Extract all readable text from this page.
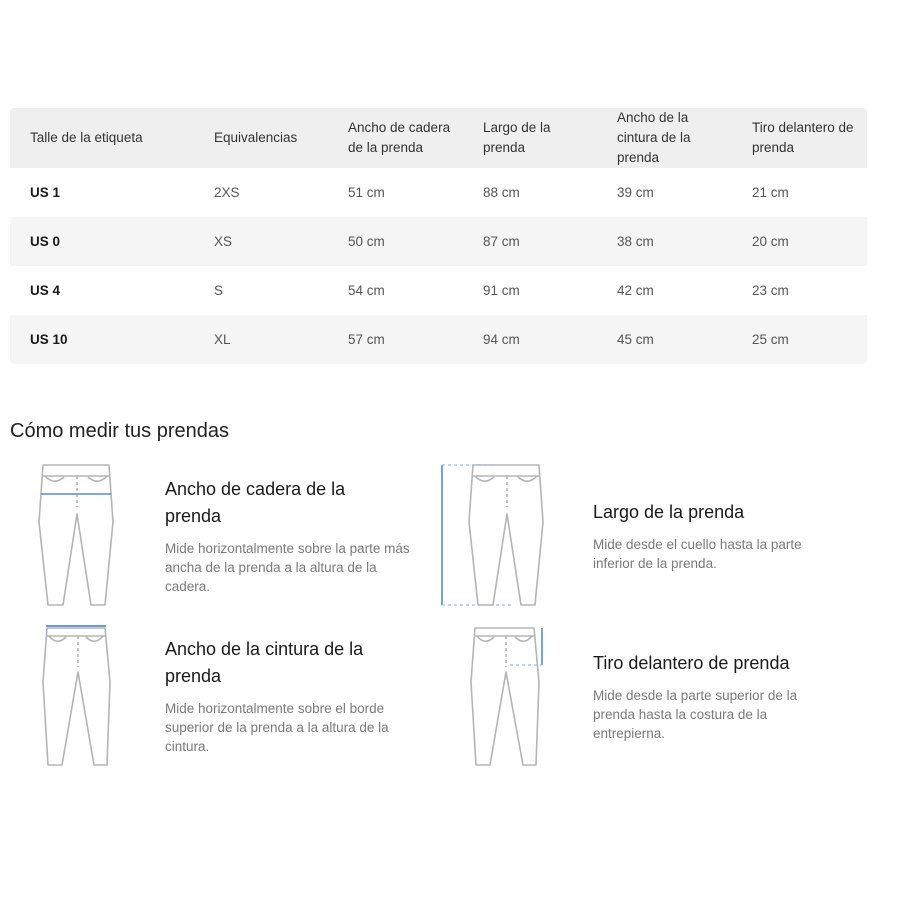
Talle de la etiqueta	Equivalencias	Ancho de cadera de la prenda	Largo de la prenda	Ancho de la cintura de la prenda	Tiro delantero de prenda
US 1	2XS	51 cm	88 cm	39 cm	21 cm
US 0	XS	50 cm	87 cm	38 cm	20 cm
US 4	S	54 cm	91 cm	42 cm	23 cm
US 10	XL	57 cm	94 cm	45 cm	25 cm
Cómo medir tus prendas
Ancho de cadera de la prenda
Mide horizontalmente sobre la parte más ancha de la prenda a la altura de la cadera.
Largo de la prenda
Mide desde el cuello hasta la parte inferior de la prenda.
Ancho de la cintura de la prenda
Mide horizontalmente sobre el borde superior de la prenda a la altura de la cintura.
Tiro delantero de prenda
Mide desde la parte superior de la prenda hasta la costura de la entrepierna.
